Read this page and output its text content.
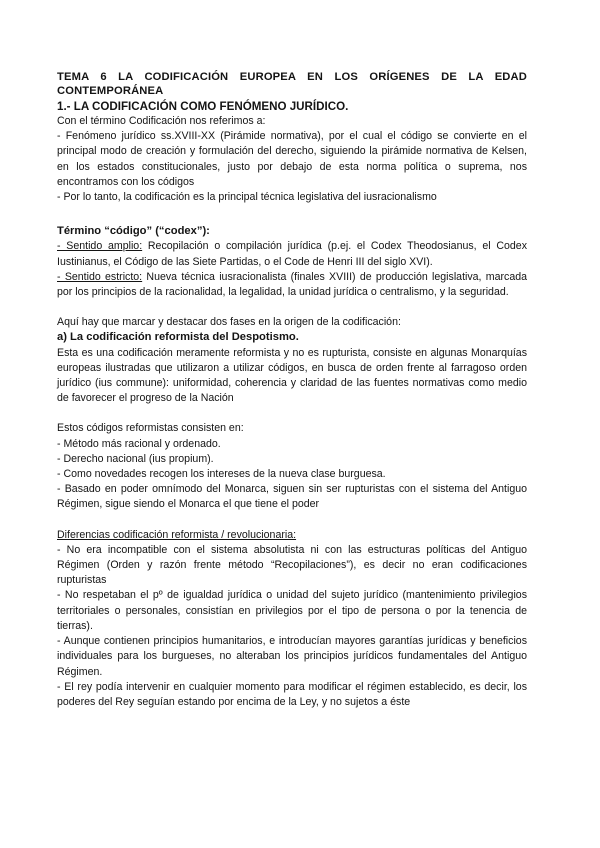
TEMA 6 LA CODIFICACIÓN EUROPEA EN LOS ORÍGENES DE LA EDAD
CONTEMPORÁNEA
1.- LA CODIFICACIÓN COMO FENÓMENO JURÍDICO.

Con el término Codificación nos referimos a:

- Fenómeno jurídico ss.XVIII-XX (Pirámide normativa), por el cual el código se convierte en el principal modo de creación y formulación del derecho, siguiendo la pirámide normativa de Kelsen, en los estados constitucionales, justo por debajo de esta norma política o suprema, nos encontramos con los códigos

- Por lo tanto, la codificación es la principal técnica legislativa del iusracionalismo

Término “código” (“codex”):

- Sentido amplio: Recopilación o compilación jurídica (p.ej. el Codex Theodosianus, el Codex Iustinianus, el Código de las Siete Partidas, o el Code de Henri III del siglo XVI).

- Sentido estricto: Nueva técnica iusracionalista (finales XVIII) de producción legislativa, marcada por los principios de la racionalidad, la legalidad, la unidad jurídica o centralismo, y la seguridad.

Aquí hay que marcar y destacar dos fases en la origen de la codificación:

a) La codificación reformista del Despotismo.

Esta es una codificación meramente reformista y no es rupturista, consiste en algunas Monarquías europeas ilustradas que utilizaron a utilizar códigos, en busca de orden frente al farragoso orden jurídico (ius commune): uniformidad, coherencia y claridad de las fuentes normativas como medio de favorecer el progreso de la Nación

Estos códigos reformistas consisten en:

- Método más racional y ordenado.

- Derecho nacional (ius propium).

- Como novedades recogen los intereses de la nueva clase burguesa.

- Basado en poder omnímodo del Monarca, siguen sin ser rupturistas con el sistema del Antiguo Régimen, sigue siendo el Monarca el que tiene el poder

Diferencias codificación reformista / revolucionaria:

- No era incompatible con el sistema absolutista ni con las estructuras políticas del Antiguo Régimen (Orden y razón frente método “Recopilaciones”), es decir no eran codificaciones rupturistas

- No respetaban el pº de igualdad jurídica o unidad del sujeto jurídico (mantenimiento privilegios territoriales o personales, consistían en privilegios por el tipo de persona o por la tenencia de tierras).

- Aunque contienen principios humanitarios, e introducían mayores garantías jurídicas y beneficios individuales para los burgueses, no alteraban los principios jurídicos fundamentales del Antiguo Régimen.

- El rey podía intervenir en cualquier momento para modificar el régimen establecido, es decir, los poderes del Rey seguían estando por encima de la Ley, y no sujetos a éste
